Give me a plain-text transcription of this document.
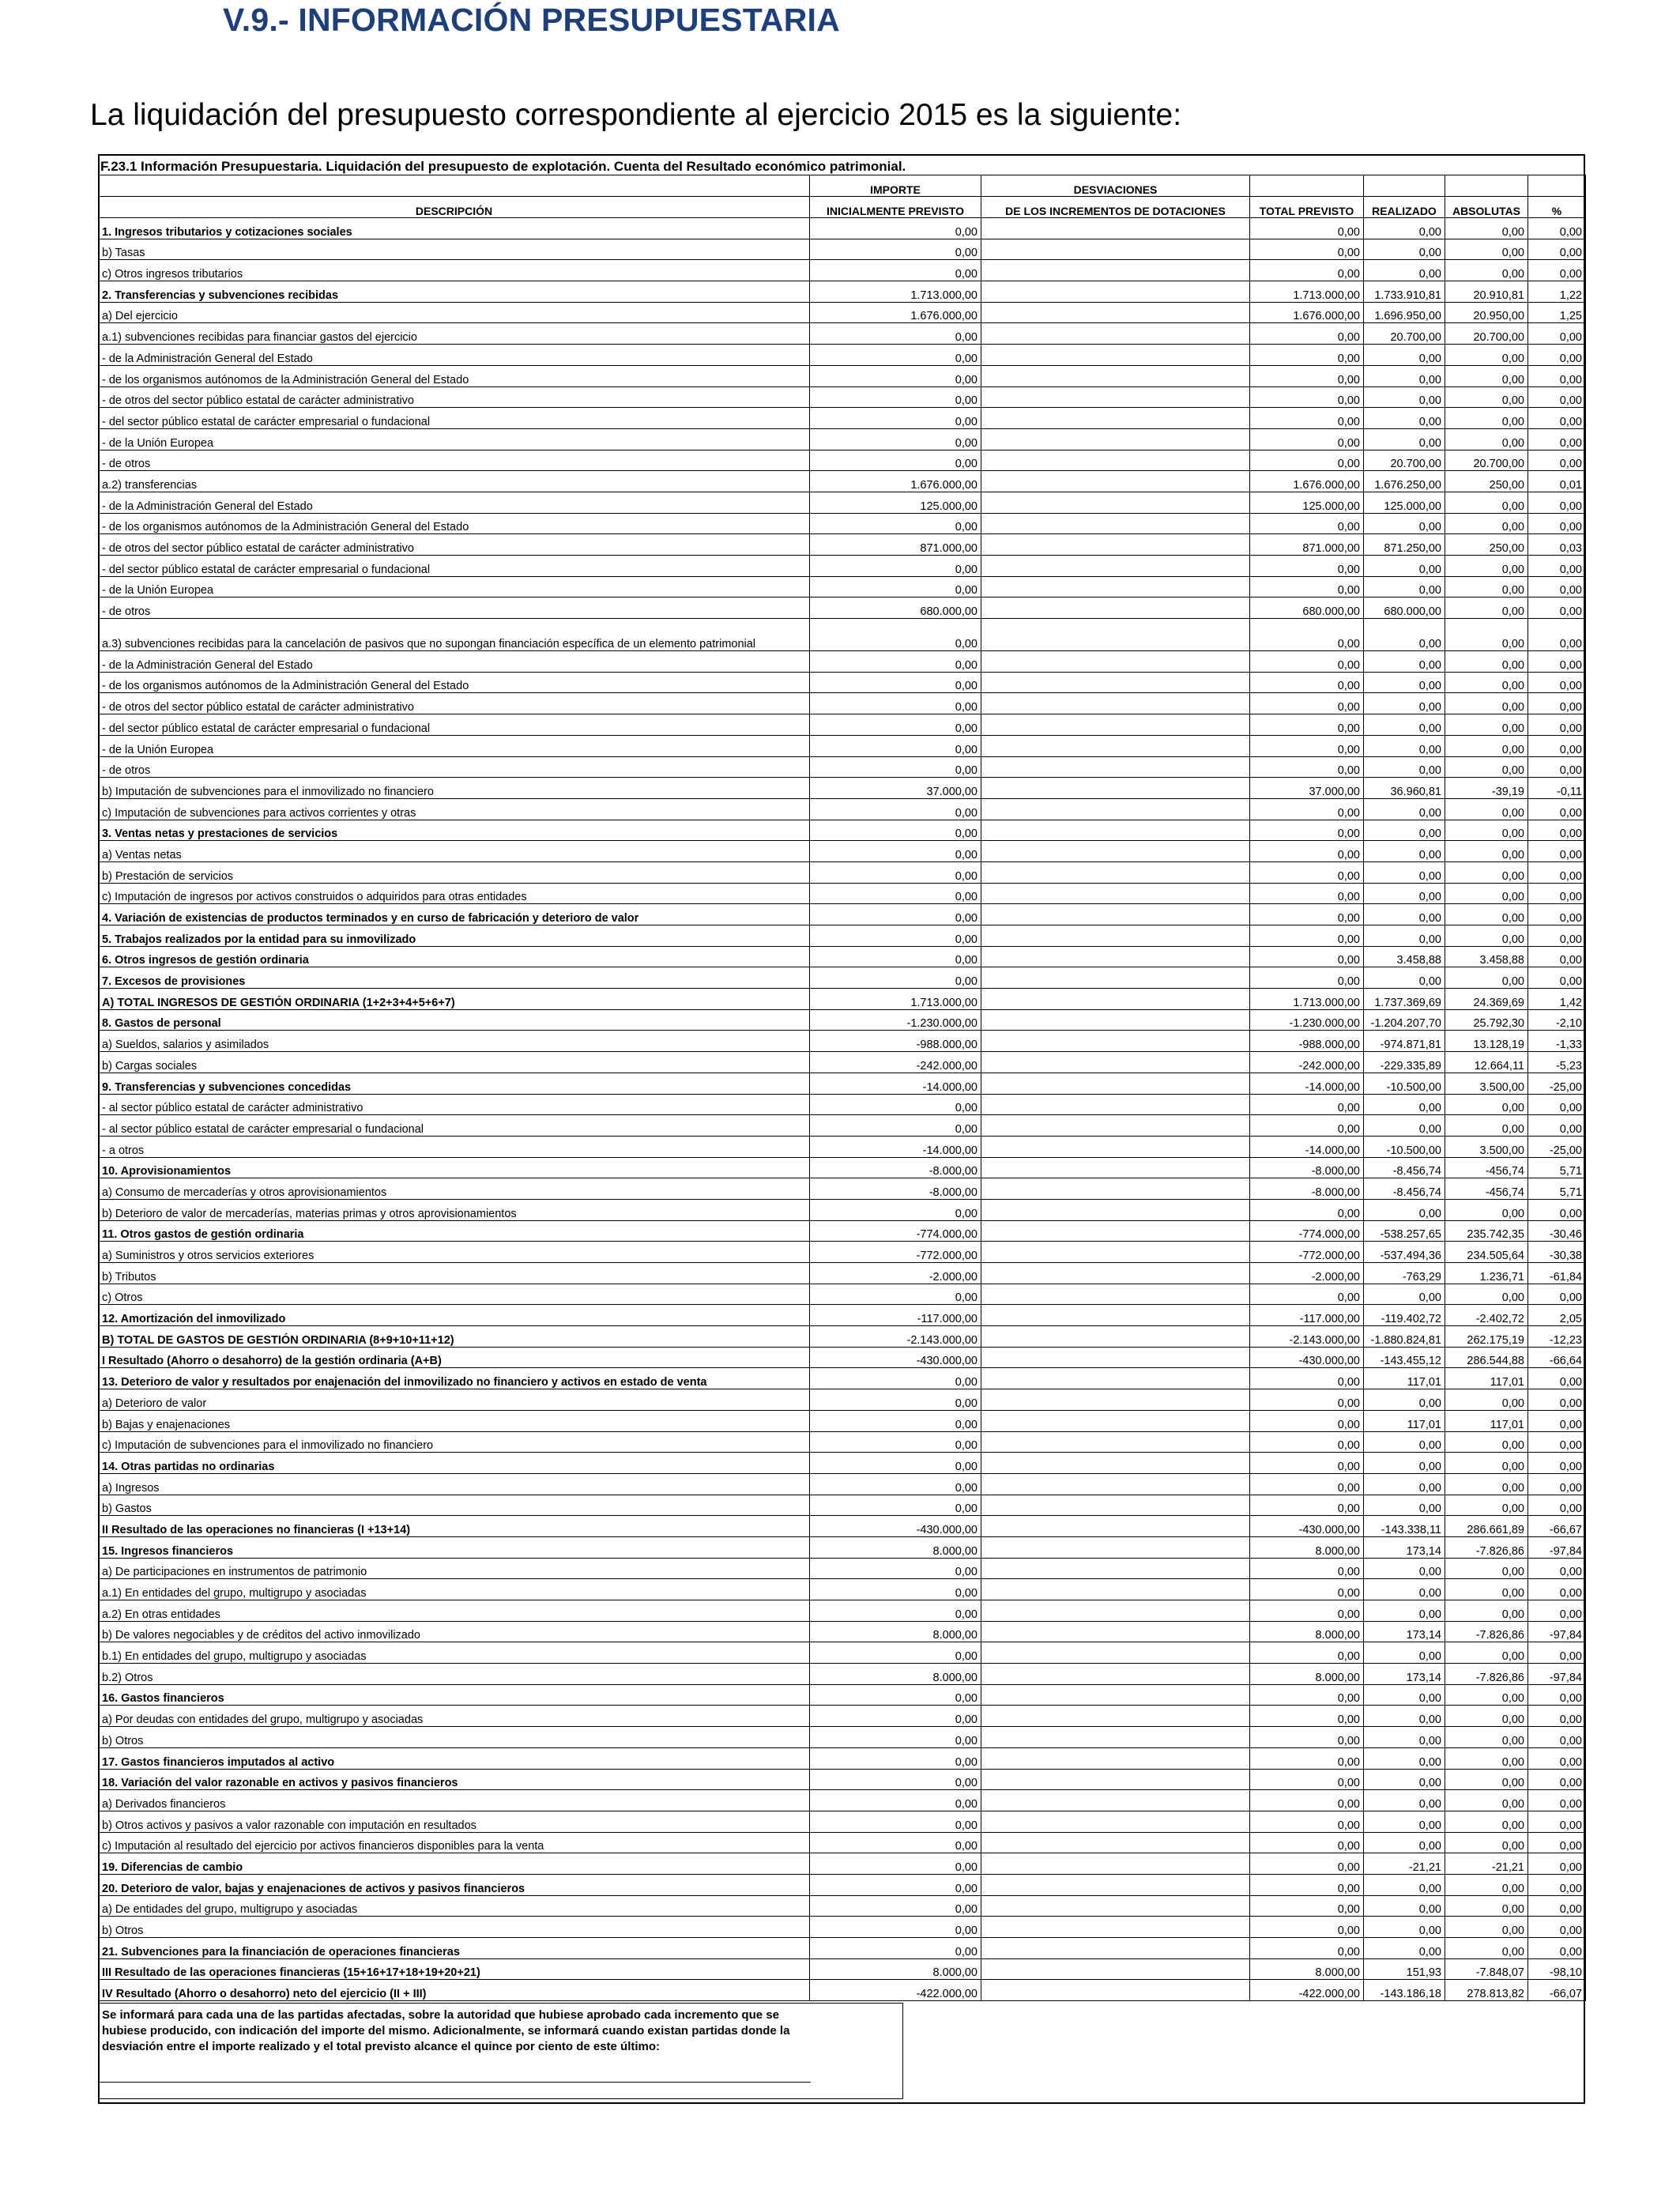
V.9.- INFORMACIÓN PRESUPUESTARIA

La liquidación del presupuesto correspondiente al ejercicio 2015 es la siguiente:

F.23.1 Información Presupuestaria. Liquidación del presupuesto de explotación. Cuenta del Resultado económico patrimonial.
	IMPORTE	DESVIACIONES				
DESCRIPCIÓN	INICIALMENTE PREVISTO	DE LOS INCREMENTOS DE DOTACIONES	TOTAL PREVISTO	REALIZADO	ABSOLUTAS	%
1. Ingresos tributarios y cotizaciones sociales	0,00		0,00	0,00	0,00	0,00
b) Tasas	0,00		0,00	0,00	0,00	0,00
c) Otros ingresos tributarios	0,00		0,00	0,00	0,00	0,00
2. Transferencias y subvenciones recibidas	1.713.000,00		1.713.000,00	1.733.910,81	20.910,81	1,22
a) Del ejercicio	1.676.000,00		1.676.000,00	1.696.950,00	20.950,00	1,25
a.1) subvenciones recibidas para financiar gastos del ejercicio	0,00		0,00	20.700,00	20.700,00	0,00
- de la Administración General del Estado	0,00		0,00	0,00	0,00	0,00
- de los organismos autónomos de la Administración General del Estado	0,00		0,00	0,00	0,00	0,00
- de otros del sector público estatal de carácter administrativo	0,00		0,00	0,00	0,00	0,00
- del sector público estatal de carácter empresarial o fundacional	0,00		0,00	0,00	0,00	0,00
- de la Unión Europea	0,00		0,00	0,00	0,00	0,00
- de otros	0,00		0,00	20.700,00	20.700,00	0,00
a.2) transferencias	1.676.000,00		1.676.000,00	1.676.250,00	250,00	0,01
- de la Administración General del Estado	125.000,00		125.000,00	125.000,00	0,00	0,00
- de los organismos autónomos de la Administración General del Estado	0,00		0,00	0,00	0,00	0,00
- de otros del sector público estatal de carácter administrativo	871.000,00		871.000,00	871.250,00	250,00	0,03
- del sector público estatal de carácter empresarial o fundacional	0,00		0,00	0,00	0,00	0,00
- de la Unión Europea	0,00		0,00	0,00	0,00	0,00
- de otros	680.000,00		680.000,00	680.000,00	0,00	0,00
a.3) subvenciones recibidas para la cancelación de pasivos que no supongan financiación específica de un elemento patrimonial	0,00		0,00	0,00	0,00	0,00
- de la Administración General del Estado	0,00		0,00	0,00	0,00	0,00
- de los organismos autónomos de la Administración General del Estado	0,00		0,00	0,00	0,00	0,00
- de otros del sector público estatal de carácter administrativo	0,00		0,00	0,00	0,00	0,00
- del sector público estatal de carácter empresarial o fundacional	0,00		0,00	0,00	0,00	0,00
- de la Unión Europea	0,00		0,00	0,00	0,00	0,00
- de otros	0,00		0,00	0,00	0,00	0,00
b) Imputación de subvenciones para el inmovilizado no financiero	37.000,00		37.000,00	36.960,81	-39,19	-0,11
c) Imputación de subvenciones para activos corrientes y otras	0,00		0,00	0,00	0,00	0,00
3. Ventas netas y prestaciones de servicios	0,00		0,00	0,00	0,00	0,00
a) Ventas netas	0,00		0,00	0,00	0,00	0,00
b) Prestación de servicios	0,00		0,00	0,00	0,00	0,00
c) Imputación de ingresos por activos construidos o adquiridos para otras entidades	0,00		0,00	0,00	0,00	0,00
4. Variación de existencias de productos terminados y en curso de fabricación y deterioro de valor	0,00		0,00	0,00	0,00	0,00
5. Trabajos realizados por la entidad para su inmovilizado	0,00		0,00	0,00	0,00	0,00
6. Otros ingresos de gestión ordinaria	0,00		0,00	3.458,88	3.458,88	0,00
7. Excesos de provisiones	0,00		0,00	0,00	0,00	0,00
A) TOTAL INGRESOS DE GESTIÓN ORDINARIA (1+2+3+4+5+6+7)	1.713.000,00		1.713.000,00	1.737.369,69	24.369,69	1,42
8. Gastos de personal	-1.230.000,00		-1.230.000,00	-1.204.207,70	25.792,30	-2,10
a) Sueldos, salarios y asimilados	-988.000,00		-988.000,00	-974.871,81	13.128,19	-1,33
b) Cargas sociales	-242.000,00		-242.000,00	-229.335,89	12.664,11	-5,23
9. Transferencias y subvenciones concedidas	-14.000,00		-14.000,00	-10.500,00	3.500,00	-25,00
- al sector público estatal de carácter administrativo	0,00		0,00	0,00	0,00	0,00
- al sector público estatal de carácter empresarial o fundacional	0,00		0,00	0,00	0,00	0,00
- a otros	-14.000,00		-14.000,00	-10.500,00	3.500,00	-25,00
10. Aprovisionamientos	-8.000,00		-8.000,00	-8.456,74	-456,74	5,71
a) Consumo de mercaderías y otros aprovisionamientos	-8.000,00		-8.000,00	-8.456,74	-456,74	5,71
b) Deterioro de valor de mercaderías, materias primas y otros aprovisionamientos	0,00		0,00	0,00	0,00	0,00
11. Otros gastos de gestión ordinaria	-774.000,00		-774.000,00	-538.257,65	235.742,35	-30,46
a) Suministros y otros servicios exteriores	-772.000,00		-772.000,00	-537.494,36	234.505,64	-30,38
b) Tributos	-2.000,00		-2.000,00	-763,29	1.236,71	-61,84
c) Otros	0,00		0,00	0,00	0,00	0,00
12. Amortización del inmovilizado	-117.000,00		-117.000,00	-119.402,72	-2.402,72	2,05
B) TOTAL DE GASTOS DE GESTIÓN ORDINARIA (8+9+10+11+12)	-2.143.000,00		-2.143.000,00	-1.880.824,81	262.175,19	-12,23
I Resultado (Ahorro o desahorro) de la gestión ordinaria (A+B)	-430.000,00		-430.000,00	-143.455,12	286.544,88	-66,64
13. Deterioro de valor y resultados por enajenación del inmovilizado no financiero y activos en estado de venta	0,00		0,00	117,01	117,01	0,00
a) Deterioro de valor	0,00		0,00	0,00	0,00	0,00
b) Bajas y enajenaciones	0,00		0,00	117,01	117,01	0,00
c) Imputación de subvenciones para el inmovilizado no financiero	0,00		0,00	0,00	0,00	0,00
14. Otras partidas no ordinarias	0,00		0,00	0,00	0,00	0,00
a) Ingresos	0,00		0,00	0,00	0,00	0,00
b) Gastos	0,00		0,00	0,00	0,00	0,00
II Resultado de las operaciones no financieras (I +13+14)	-430.000,00		-430.000,00	-143.338,11	286.661,89	-66,67
15. Ingresos financieros	8.000,00		8.000,00	173,14	-7.826,86	-97,84
a) De participaciones en instrumentos de patrimonio	0,00		0,00	0,00	0,00	0,00
a.1) En entidades del grupo, multigrupo y asociadas	0,00		0,00	0,00	0,00	0,00
a.2) En otras entidades	0,00		0,00	0,00	0,00	0,00
b) De valores negociables y de créditos del activo inmovilizado	8.000,00		8.000,00	173,14	-7.826,86	-97,84
b.1) En entidades del grupo, multigrupo y asociadas	0,00		0,00	0,00	0,00	0,00
b.2) Otros	8.000,00		8.000,00	173,14	-7.826,86	-97,84
16. Gastos financieros	0,00		0,00	0,00	0,00	0,00
a) Por deudas con entidades del grupo, multigrupo y asociadas	0,00		0,00	0,00	0,00	0,00
b) Otros	0,00		0,00	0,00	0,00	0,00
17. Gastos financieros imputados al activo	0,00		0,00	0,00	0,00	0,00
18. Variación del valor razonable en activos y pasivos financieros	0,00		0,00	0,00	0,00	0,00
a) Derivados financieros	0,00		0,00	0,00	0,00	0,00
b) Otros activos y pasivos a valor razonable con imputación en resultados	0,00		0,00	0,00	0,00	0,00
c) Imputación al resultado del ejercicio por activos financieros disponibles para la venta	0,00		0,00	0,00	0,00	0,00
19. Diferencias de cambio	0,00		0,00	-21,21	-21,21	0,00
20. Deterioro de valor, bajas y enajenaciones de activos y pasivos financieros	0,00		0,00	0,00	0,00	0,00
a) De entidades del grupo, multigrupo y asociadas	0,00		0,00	0,00	0,00	0,00
b) Otros	0,00		0,00	0,00	0,00	0,00
21. Subvenciones para la financiación de operaciones financieras	0,00		0,00	0,00	0,00	0,00
III Resultado de las operaciones financieras (15+16+17+18+19+20+21)	8.000,00		8.000,00	151,93	-7.848,07	-98,10
IV Resultado (Ahorro o desahorro) neto del ejercicio (II + III)	-422.000,00		-422.000,00	-143.186,18	278.813,82	-66,07
Se informará para cada una de las partidas afectadas, sobre la autoridad que hubiese aprobado cada incremento que se hubiese producido, con indicación del importe del mismo. Adicionalmente, se informará cuando existan partidas donde la desviación entre el importe realizado y el total previsto alcance el quince por ciento de este último:
